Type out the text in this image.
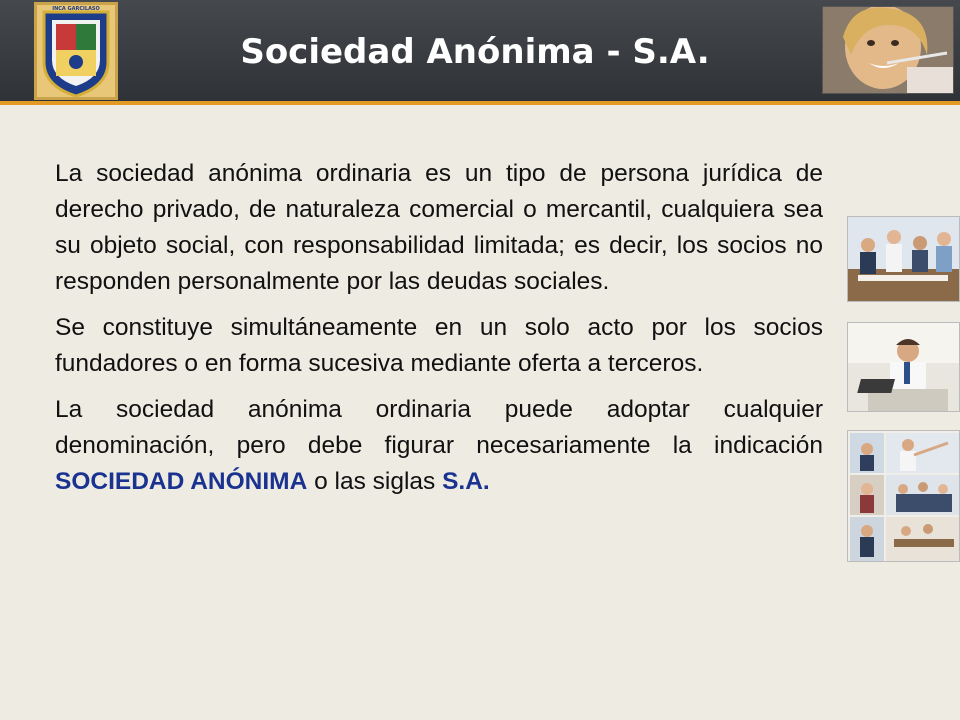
INCA GARCILASO
Sociedad Anónima - S.A.

La sociedad anónima ordinaria es un tipo de persona jurídica de derecho privado, de naturaleza comercial o mercantil, cualquiera sea su objeto social, con responsabilidad limitada; es decir, los socios no responden personalmente por las deudas sociales.

Se constituye simultáneamente en un solo acto por los socios fundadores o en forma sucesiva mediante oferta a terceros.

La sociedad anónima ordinaria puede adoptar cualquier denominación, pero debe figurar necesariamente la indicación SOCIEDAD ANÓNIMA o las siglas S.A.
